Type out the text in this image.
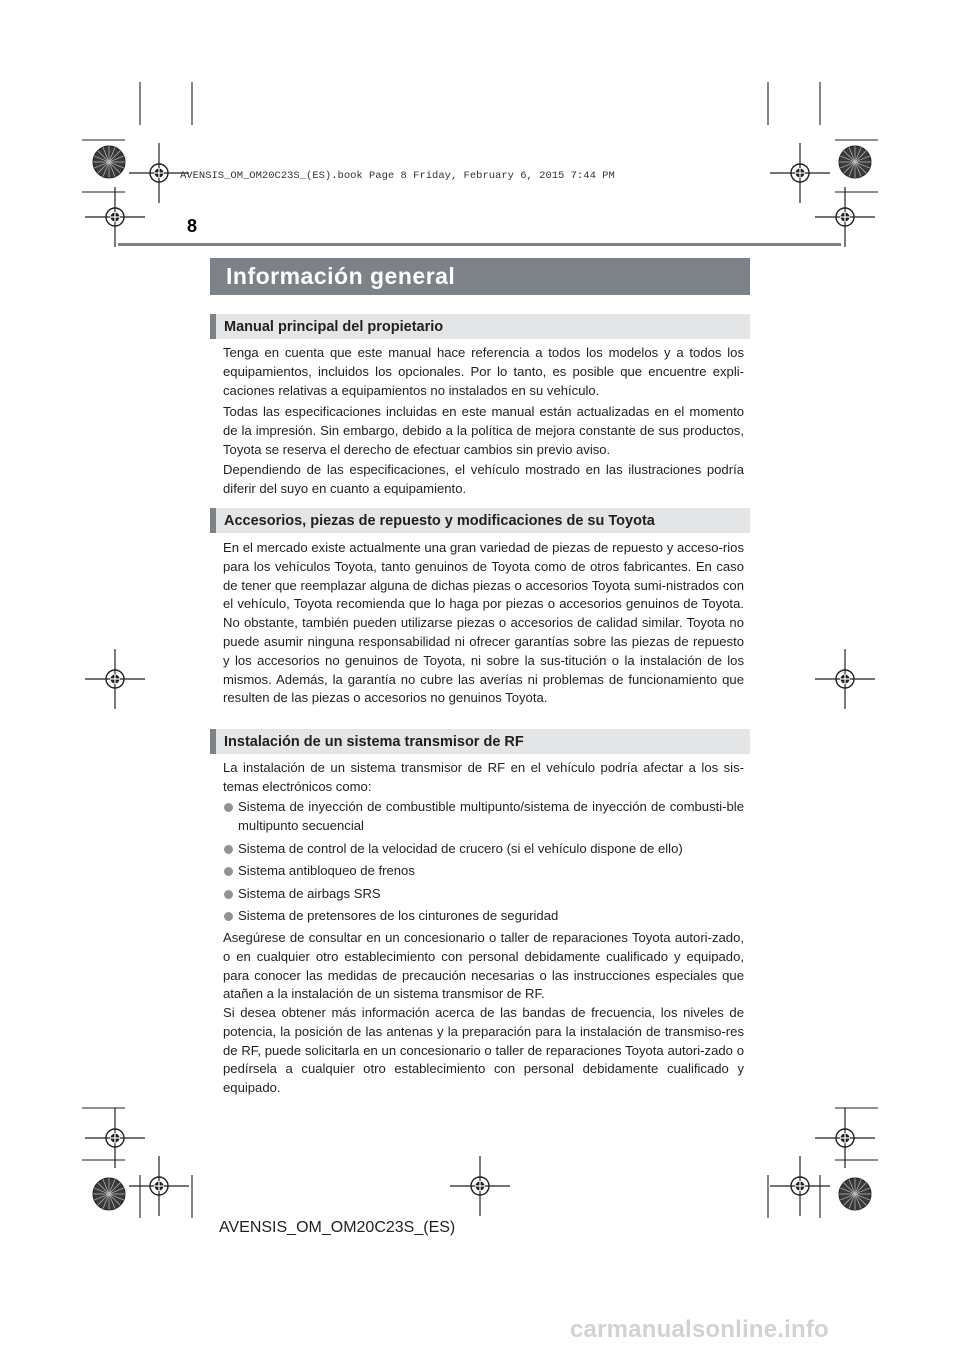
AVENSIS_OM_OM20C23S_(ES).book Page 8 Friday, February 6, 2015 7:44 PM
8
Información general
Manual principal del propietario

Tenga en cuenta que este manual hace referencia a todos los modelos y a todos los equipamientos, incluidos los opcionales. Por lo tanto, es posible que encuentre expli-caciones relativas a equipamientos no instalados en su vehículo.

Todas las especificaciones incluidas en este manual están actualizadas en el momento de la impresión. Sin embargo, debido a la política de mejora constante de sus productos, Toyota se reserva el derecho de efectuar cambios sin previo aviso.

Dependiendo de las especificaciones, el vehículo mostrado en las ilustraciones podría diferir del suyo en cuanto a equipamiento.

Accesorios, piezas de repuesto y modificaciones de su Toyota

En el mercado existe actualmente una gran variedad de piezas de repuesto y acceso-rios para los vehículos Toyota, tanto genuinos de Toyota como de otros fabricantes. En caso de tener que reemplazar alguna de dichas piezas o accesorios Toyota sumi-nistrados con el vehículo, Toyota recomienda que lo haga por piezas o accesorios genuinos de Toyota. No obstante, también pueden utilizarse piezas o accesorios de calidad similar. Toyota no puede asumir ninguna responsabilidad ni ofrecer garantías sobre las piezas de repuesto y los accesorios no genuinos de Toyota, ni sobre la sus-titución o la instalación de los mismos. Además, la garantía no cubre las averías ni problemas de funcionamiento que resulten de las piezas o accesorios no genuinos Toyota.

Instalación de un sistema transmisor de RF

La instalación de un sistema transmisor de RF en el vehículo podría afectar a los sis-temas electrónicos como:

Sistema de inyección de combustible multipunto/sistema de inyección de combusti-ble multipunto secuencial
Sistema de control de la velocidad de crucero (si el vehículo dispone de ello)
Sistema antibloqueo de frenos
Sistema de airbags SRS
Sistema de pretensores de los cinturones de seguridad

Asegúrese de consultar en un concesionario o taller de reparaciones Toyota autori-zado, o en cualquier otro establecimiento con personal debidamente cualificado y equipado, para conocer las medidas de precaución necesarias o las instrucciones especiales que atañen a la instalación de un sistema transmisor de RF.

Si desea obtener más información acerca de las bandas de frecuencia, los niveles de potencia, la posición de las antenas y la preparación para la instalación de transmiso-res de RF, puede solicitarla en un concesionario o taller de reparaciones Toyota autori-zado o pedírsela a cualquier otro establecimiento con personal debidamente cualificado y equipado.

AVENSIS_OM_OM20C23S_(ES)
carmanualsonline.info
